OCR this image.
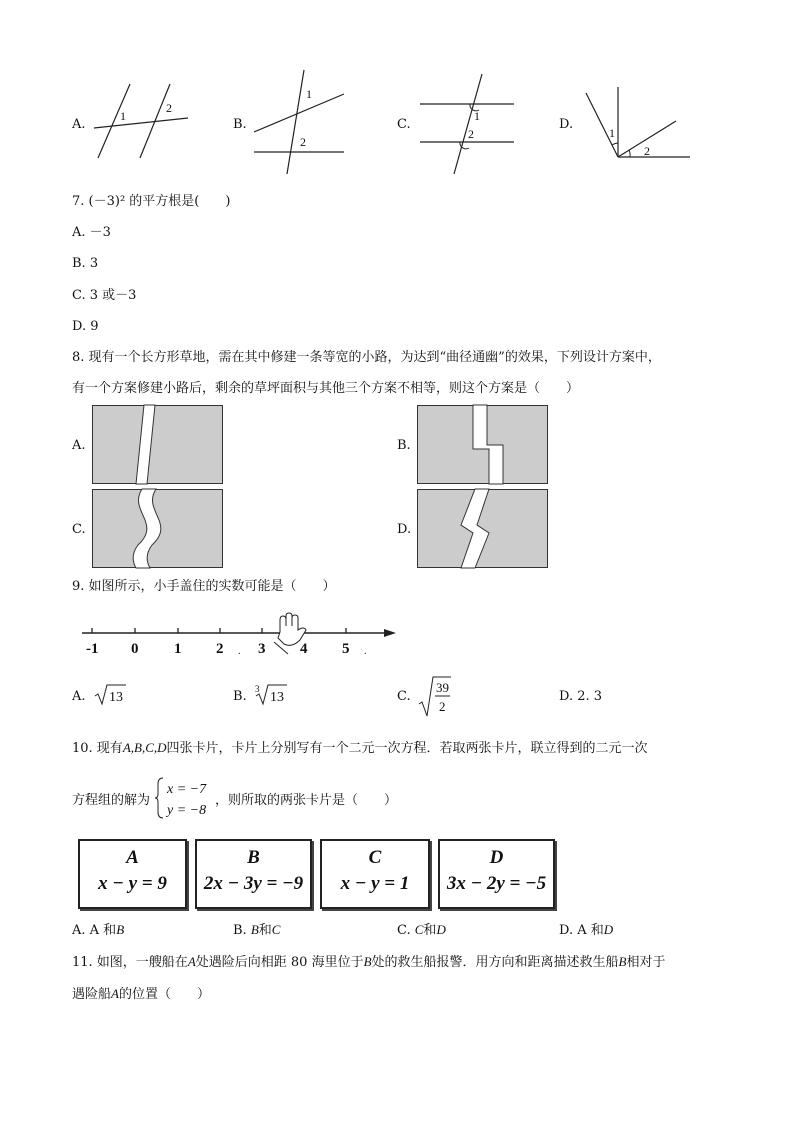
A.
1
2
B.
1
2
C.
1
2
D.
1
2
7. (－3)² 的平方根是(　　)
A. －3
B. 3
C. 3 或－3
D. 9
8. 现有一个长方形草地，需在其中修建一条等宽的小路，为达到“曲径通幽”的效果，下列设计方案中，
有一个方案修建小路后，剩余的草坪面积与其他三个方案不相等，则这个方案是（　　）
A.	B.
C.	D.
9. 如图所示，小手盖住的实数可能是（　　）
-1 0 1 2 3 4 5
.	.
A. 13	B. 3
13	C.
39
2
D. 2. 3
10. 现有A,B,C,D四张卡片，卡片上分别写有一个二元一次方程．若取两张卡片，联立得到的二元一次
方程组的解为
x = −7
y = −8
，则所取的两张卡片是（　　）
A
x − y = 9
B
2x − 3y = −9
C
x − y = 1
D
3x − 2y = −5
A. A 和B	B. B和C	C. C和D	D. A 和D
11. 如图，一艘船在A处遇险后向相距 80 海里位于B处的救生船报警．用方向和距离描述救生船B相对于
遇险船A的位置（　　）
